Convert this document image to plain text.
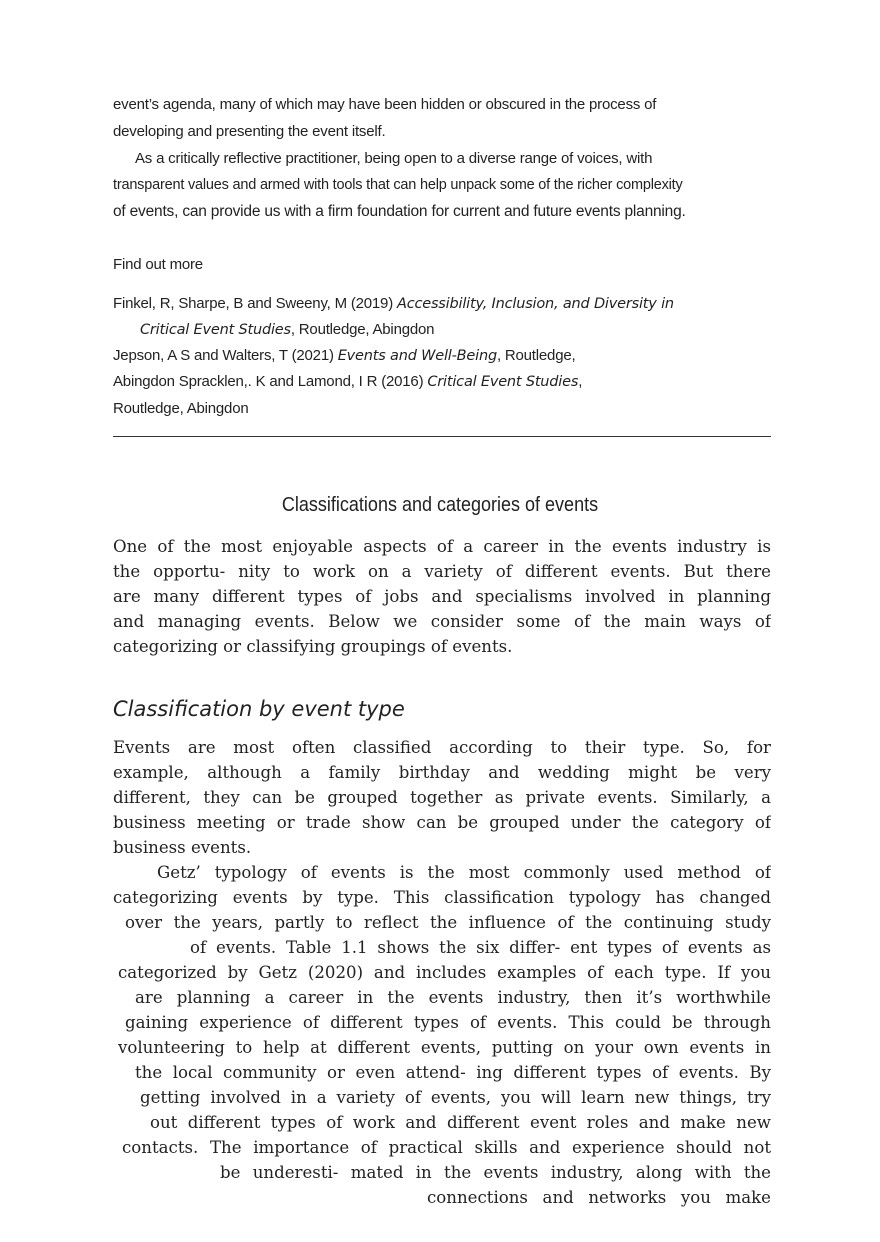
event’s agenda, many of which may have been hidden or obscured in the process of
developing and presenting the event itself.
As a critically reflective practitioner, being open to a diverse range of voices, with
transparent values and armed with tools that can help unpack some of the richer complexity
of events, can provide us with a firm foundation for current and future events planning.
Find out more
Finkel, R, Sharpe, B and Sweeny, M (2019) Accessibility, Inclusion, and Diversity in
Critical Event Studies, Routledge, Abingdon
Jepson, A S and Walters, T (2021) Events and Well-Being, Routledge,
Abingdon Spracklen,. K and Lamond, I R (2016) Critical Event Studies,
Routledge, Abingdon
Classifications and categories of events
One of the most enjoyable aspects of a career in the events industry is
the opportu- nity to work on a variety of different events. But there
are many different types of jobs and specialisms involved in planning
and managing events. Below we consider some of the main ways of
categorizing or classifying groupings of events.
Classification by event type
Events are most often classified according to their type. So, for
example, although a family birthday and wedding might be very
different, they can be grouped together as private events. Similarly, a
business meeting or trade show can be grouped under the category of
business events.
Getz’ typology of events is the most commonly used method of
categorizing events by type. This classification typology has changed
over the years, partly to reflect the influence of the continuing study
of events. Table 1.1 shows the six differ- ent types of events as
categorized by Getz (2020) and includes examples of each type. If you
are planning a career in the events industry, then it’s worthwhile
gaining experience of different types of events. This could be through
volunteering to help at different events, putting on your own events in
the local community or even attend- ing different types of events. By
getting involved in a variety of events, you will learn new things, try
out different types of work and different event roles and make new
contacts. The importance of practical skills and experience should not
be underesti- mated in the events industry, along with the
connections and networks you make
